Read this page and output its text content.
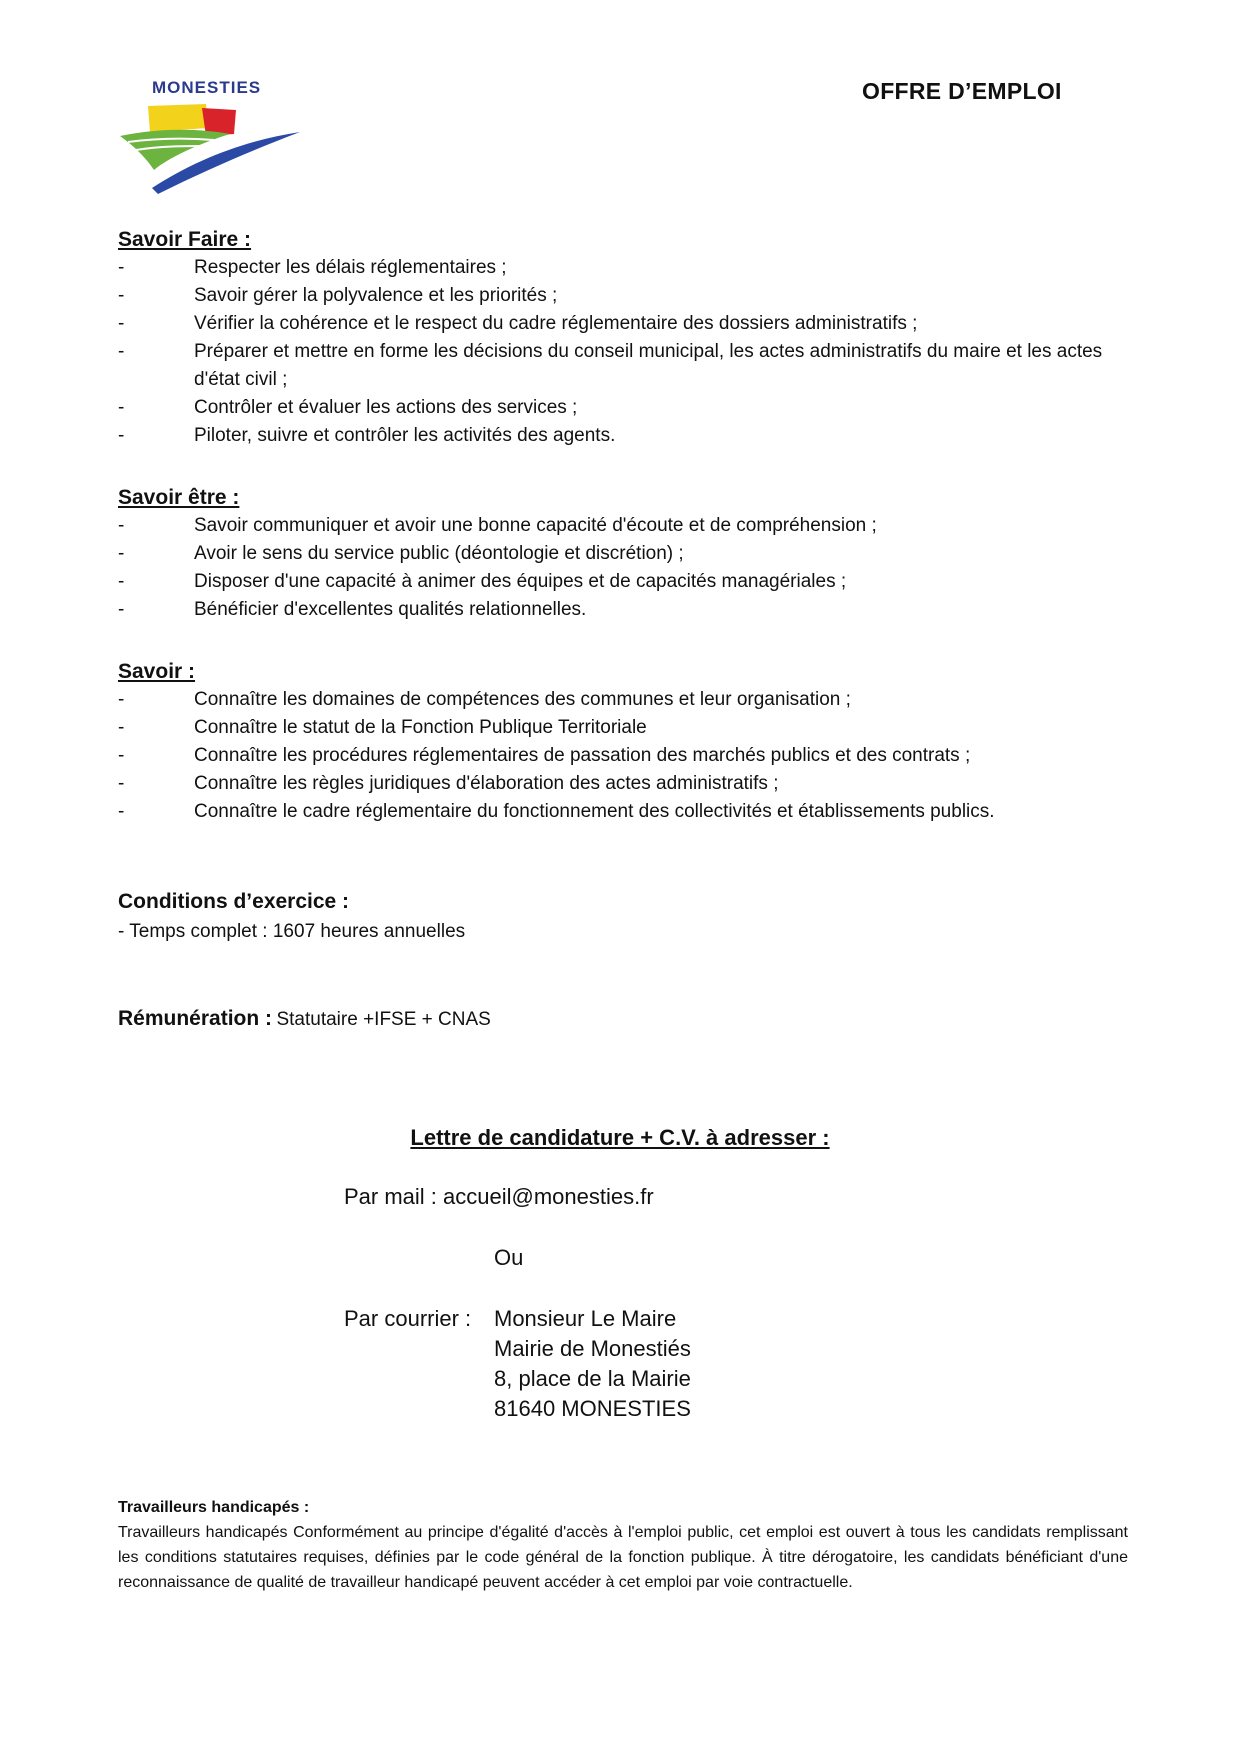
MONESTIES	OFFRE D’EMPLOI
Savoir Faire :
-	Respecter les délais réglementaires ;
-	Savoir gérer la polyvalence et les priorités ;
-	Vérifier la cohérence et le respect du cadre réglementaire des dossiers administratifs ;
-	Préparer et mettre en forme les décisions du conseil municipal, les actes administratifs du maire et les actes d'état civil ;
-	Contrôler et évaluer les actions des services ;
-	Piloter, suivre et contrôler les activités des agents.
Savoir être :
-	Savoir communiquer et avoir une bonne capacité d'écoute et de compréhension ;
-	Avoir le sens du service public (déontologie et discrétion) ;
-	Disposer d'une capacité à animer des équipes et de capacités managériales ;
-	Bénéficier d'excellentes qualités relationnelles.
Savoir :
-	Connaître les domaines de compétences des communes et leur organisation ;
-	Connaître le statut de la Fonction Publique Territoriale
-	Connaître les procédures réglementaires de passation des marchés publics et des contrats ;
-	Connaître les règles juridiques d'élaboration des actes administratifs ;
-	Connaître le cadre réglementaire du fonctionnement des collectivités et établissements publics.
Conditions d’exercice :
- Temps complet : 1607 heures annuelles
Rémunération : Statutaire +IFSE + CNAS
Lettre de candidature + C.V. à adresser :
Par mail : accueil@monesties.fr
Ou
Par courrier : Monsieur Le Maire
Mairie de Monestiés
8, place de la Mairie
81640 MONESTIES
Travailleurs handicapés :
Travailleurs handicapés Conformément au principe d'égalité d'accès à l'emploi public, cet emploi est ouvert à tous les candidats remplissant les conditions statutaires requises, définies par le code général de la fonction publique. À titre dérogatoire, les candidats bénéficiant d'une reconnaissance de qualité de travailleur handicapé peuvent accéder à cet emploi par voie contractuelle.
